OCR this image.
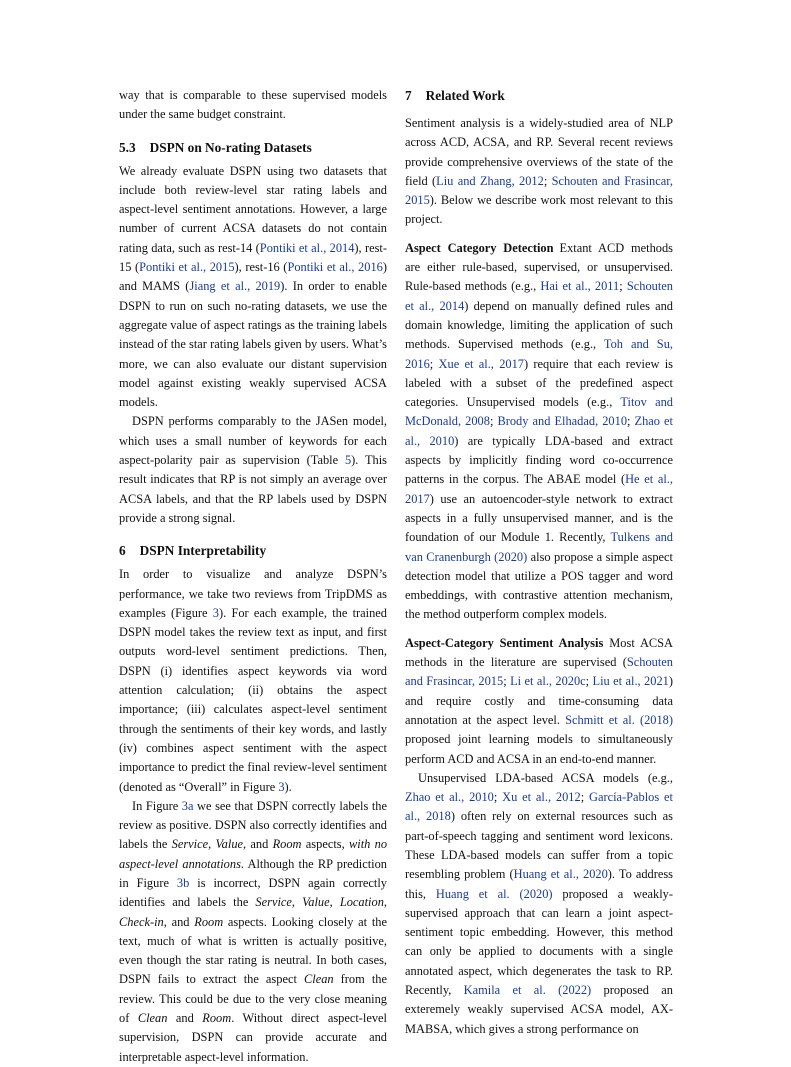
way that is comparable to these supervised models under the same budget constraint.

5.3 DSPN on No-rating Datasets

We already evaluate DSPN using two datasets that include both review-level star rating labels and aspect-level sentiment annotations. However, a large number of current ACSA datasets do not contain rating data, such as rest-14 (Pontiki et al., 2014), rest-15 (Pontiki et al., 2015), rest-16 (Pontiki et al., 2016) and MAMS (Jiang et al., 2019). In order to enable DSPN to run on such no-rating datasets, we use the aggregate value of aspect ratings as the training labels instead of the star rating labels given by users. What’s more, we can also evaluate our distant supervision model against existing weakly supervised ACSA models.

DSPN performs comparably to the JASen model, which uses a small number of keywords for each aspect-polarity pair as supervision (Table 5). This result indicates that RP is not simply an average over ACSA labels, and that the RP labels used by DSPN provide a strong signal.

6 DSPN Interpretability

In order to visualize and analyze DSPN’s performance, we take two reviews from TripDMS as examples (Figure 3). For each example, the trained DSPN model takes the review text as input, and first outputs word-level sentiment predictions. Then, DSPN (i) identifies aspect keywords via word attention calculation; (ii) obtains the aspect importance; (iii) calculates aspect-level sentiment through the sentiments of their key words, and lastly (iv) combines aspect sentiment with the aspect importance to predict the final review-level sentiment (denoted as “Overall” in Figure 3).

In Figure 3a we see that DSPN correctly labels the review as positive. DSPN also correctly identifies and labels the Service, Value, and Room aspects, with no aspect-level annotations. Although the RP prediction in Figure 3b is incorrect, DSPN again correctly identifies and labels the Service, Value, Location, Check-in, and Room aspects. Looking closely at the text, much of what is written is actually positive, even though the star rating is neutral. In both cases, DSPN fails to extract the aspect Clean from the review. This could be due to the very close meaning of Clean and Room. Without direct aspect-level supervision, DSPN can provide accurate and interpretable aspect-level information.

7 Related Work

Sentiment analysis is a widely-studied area of NLP across ACD, ACSA, and RP. Several recent reviews provide comprehensive overviews of the state of the field (Liu and Zhang, 2012; Schouten and Frasincar, 2015). Below we describe work most relevant to this project.

Aspect Category Detection Extant ACD methods are either rule-based, supervised, or unsupervised. Rule-based methods (e.g., Hai et al., 2011; Schouten et al., 2014) depend on manually defined rules and domain knowledge, limiting the application of such methods. Supervised methods (e.g., Toh and Su, 2016; Xue et al., 2017) require that each review is labeled with a subset of the predefined aspect categories. Unsupervised models (e.g., Titov and McDonald, 2008; Brody and Elhadad, 2010; Zhao et al., 2010) are typically LDA-based and extract aspects by implicitly finding word co-occurrence patterns in the corpus. The ABAE model (He et al., 2017) use an autoencoder-style network to extract aspects in a fully unsupervised manner, and is the foundation of our Module 1. Recently, Tulkens and van Cranenburgh (2020) also propose a simple aspect detection model that utilize a POS tagger and word embeddings, with contrastive attention mechanism, the method outperform complex models.

Aspect-Category Sentiment Analysis Most ACSA methods in the literature are supervised (Schouten and Frasincar, 2015; Li et al., 2020c; Liu et al., 2021) and require costly and time-consuming data annotation at the aspect level. Schmitt et al. (2018) proposed joint learning models to simultaneously perform ACD and ACSA in an end-to-end manner.

Unsupervised LDA-based ACSA models (e.g., Zhao et al., 2010; Xu et al., 2012; García-Pablos et al., 2018) often rely on external resources such as part-of-speech tagging and sentiment word lexicons. These LDA-based models can suffer from a topic resembling problem (Huang et al., 2020). To address this, Huang et al. (2020) proposed a weakly-supervised approach that can learn a joint aspect-sentiment topic embedding. However, this method can only be applied to documents with a single annotated aspect, which degenerates the task to RP. Recently, Kamila et al. (2022) proposed an exteremely weakly supervised ACSA model, AX-MABSA, which gives a strong performance on
